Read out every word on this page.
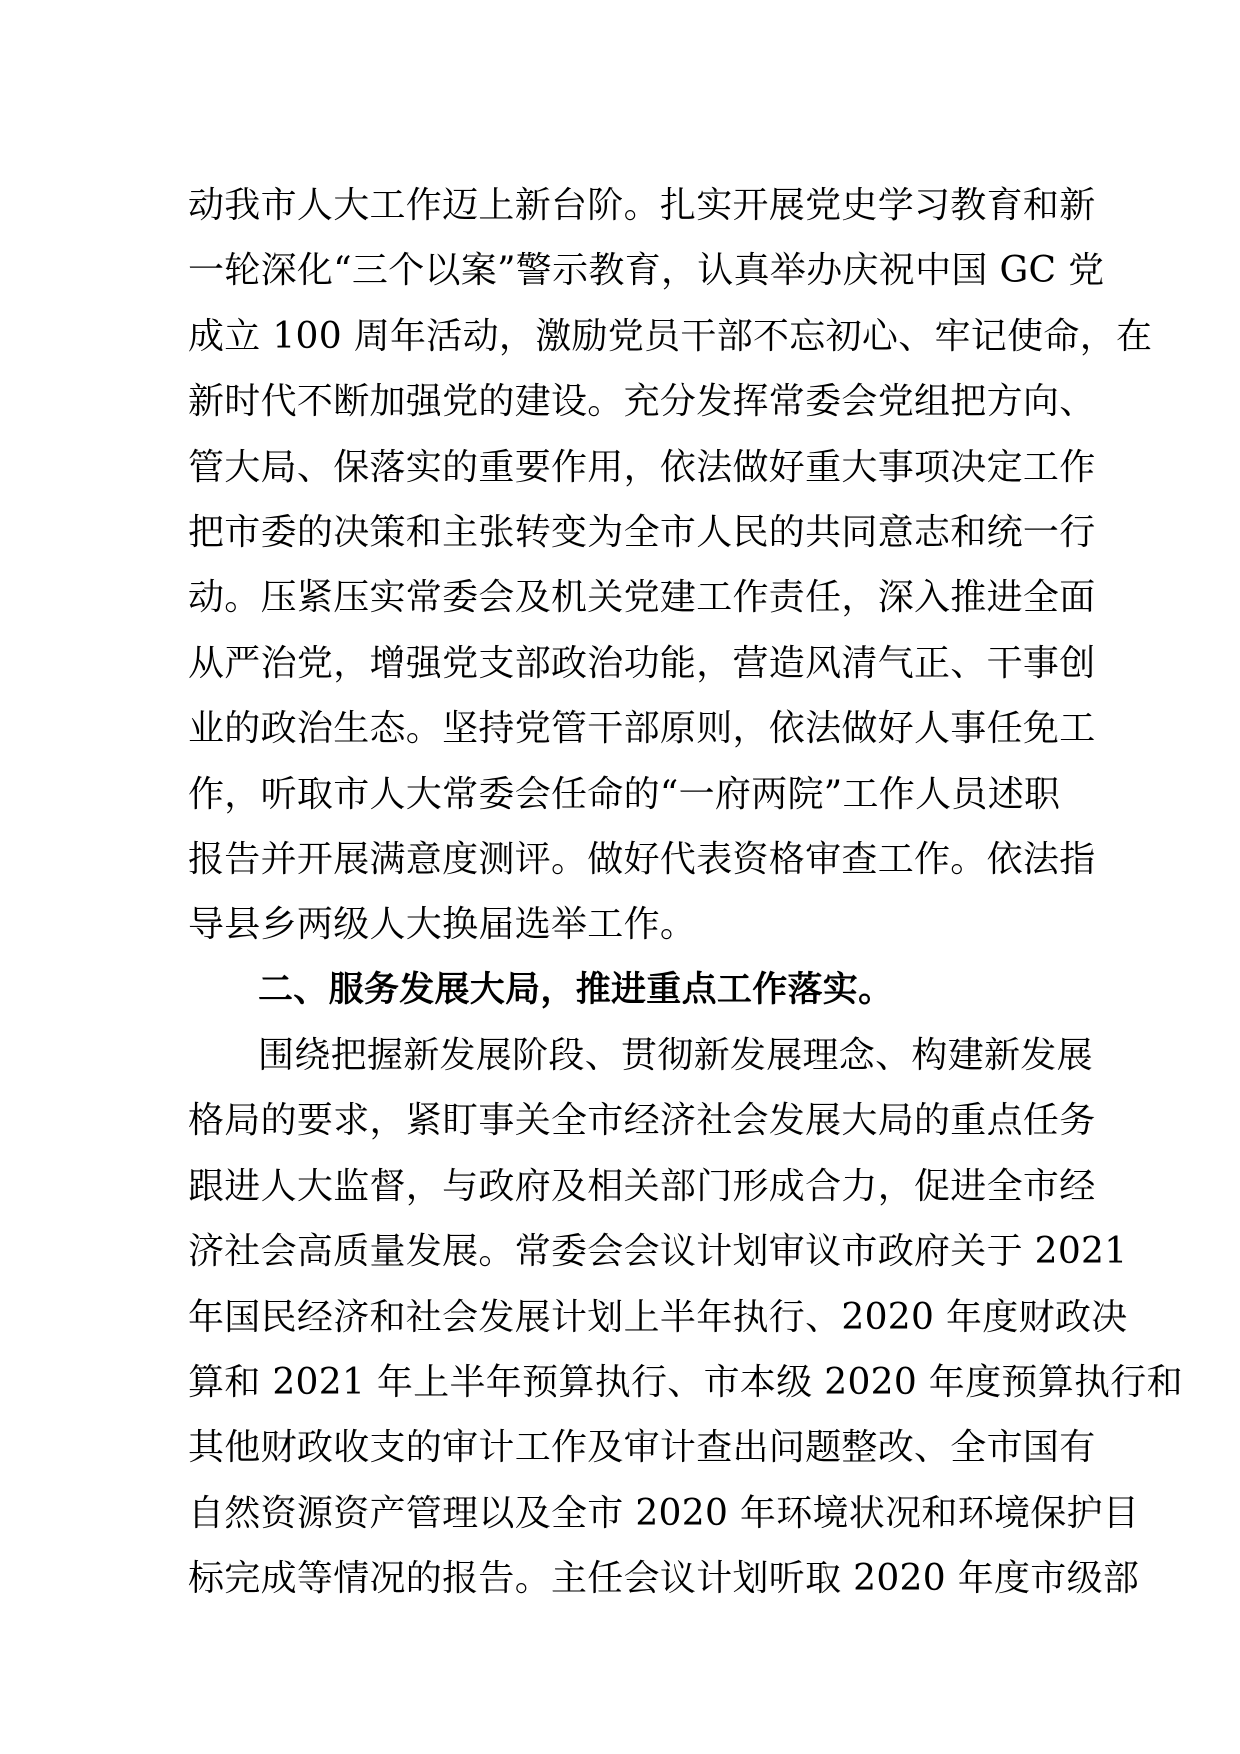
动我市人大工作迈上新台阶。扎实开展党史学习教育和新
一轮深化“三个以案”警示教育，认真举办庆祝中国 GC 党
成立 100 周年活动，激励党员干部不忘初心、牢记使命，在
新时代不断加强党的建设。充分发挥常委会党组把方向、
管大局、保落实的重要作用，依法做好重大事项决定工作
把市委的决策和主张转变为全市人民的共同意志和统一行
动。压紧压实常委会及机关党建工作责任，深入推进全面
从严治党，增强党支部政治功能，营造风清气正、干事创
业的政治生态。坚持党管干部原则，依法做好人事任免工
作，听取市人大常委会任命的“一府两院”工作人员述职
报告并开展满意度测评。做好代表资格审查工作。依法指
导县乡两级人大换届选举工作。
二、服务发展大局，推进重点工作落实。
围绕把握新发展阶段、贯彻新发展理念、构建新发展
格局的要求，紧盯事关全市经济社会发展大局的重点任务
跟进人大监督，与政府及相关部门形成合力，促进全市经
济社会高质量发展。常委会会议计划审议市政府关于 2021
年国民经济和社会发展计划上半年执行、2020 年度财政决
算和 2021 年上半年预算执行、市本级 2020 年度预算执行和
其他财政收支的审计工作及审计查出问题整改、全市国有
自然资源资产管理以及全市 2020 年环境状况和环境保护目
标完成等情况的报告。主任会议计划听取 2020 年度市级部
